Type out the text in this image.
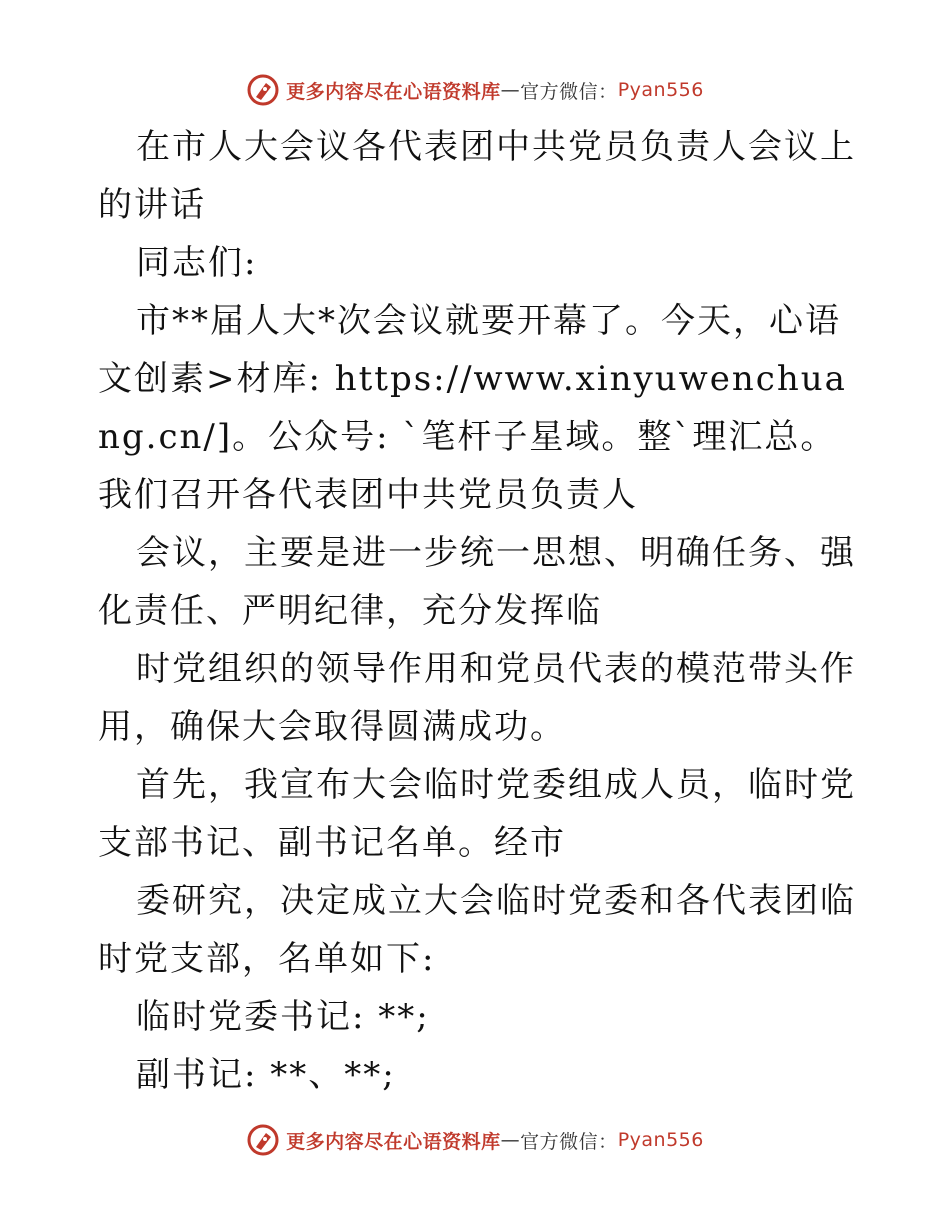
更多内容尽在心语资料库 — 官方微信： Pyan556

在市人大会议各代表团中共党员负责人会议上的讲话

同志们:

市**届人大*次会议就要开幕了。今天，心语文创素>材库: https://www.xinyuwenchuang.cn/]。公众号: `笔杆子星域。整`理汇总。我们召开各代表团中共党员负责人

会议，主要是进一步统一思想、明确任务、强化责任、严明纪律，充分发挥临

时党组织的领导作用和党员代表的模范带头作用，确保大会取得圆满成功。

首先，我宣布大会临时党委组成人员，临时党支部书记、副书记名单。经市

委研究，决定成立大会临时党委和各代表团临时党支部，名单如下:

临时党委书记: **;

副书记: **、**;

更多内容尽在心语资料库 — 官方微信： Pyan556
